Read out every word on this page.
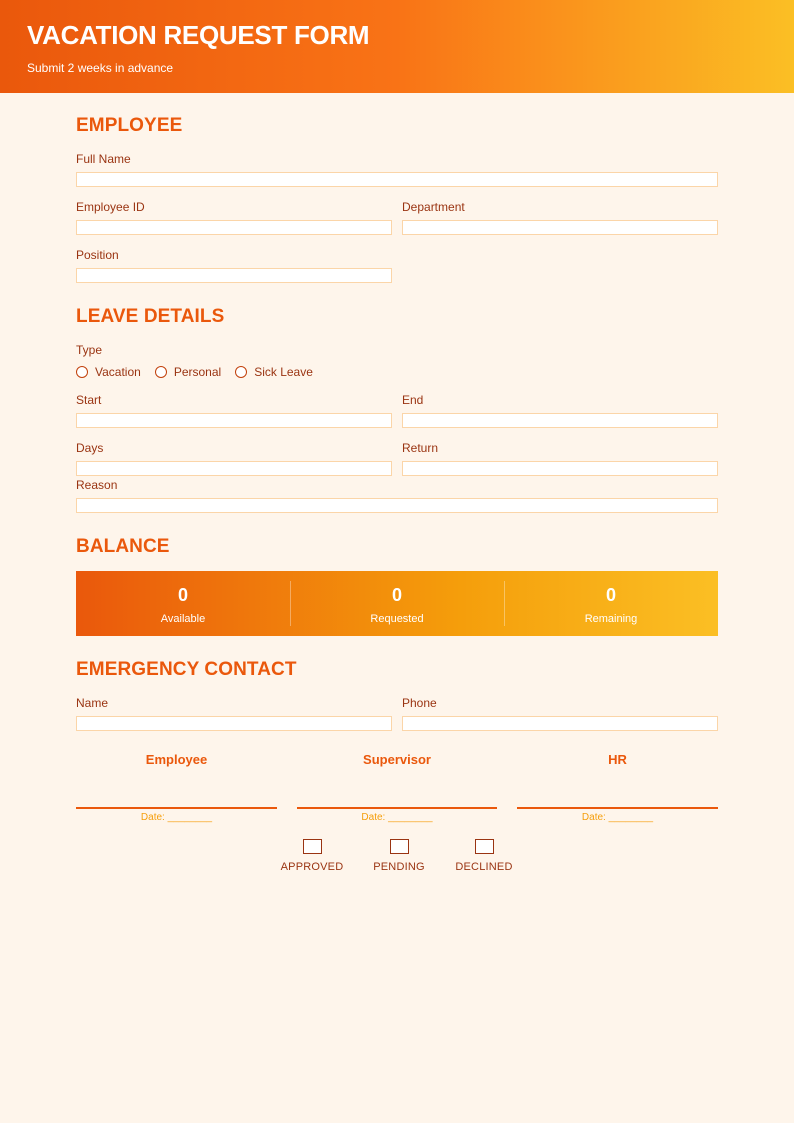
VACATION REQUEST FORM
Submit 2 weeks in advance
EMPLOYEE
Full Name
Employee ID	Department
Position
LEAVE DETAILS
Type
Vacation	Personal	Sick Leave
Start	End
Days	Return
Reason
BALANCE
0
Available
0
Requested
0
Remaining
EMERGENCY CONTACT
Name	Phone
Employee
Date: ________
Supervisor
Date: ________
HR
Date: ________
APPROVED	PENDING	DECLINED
